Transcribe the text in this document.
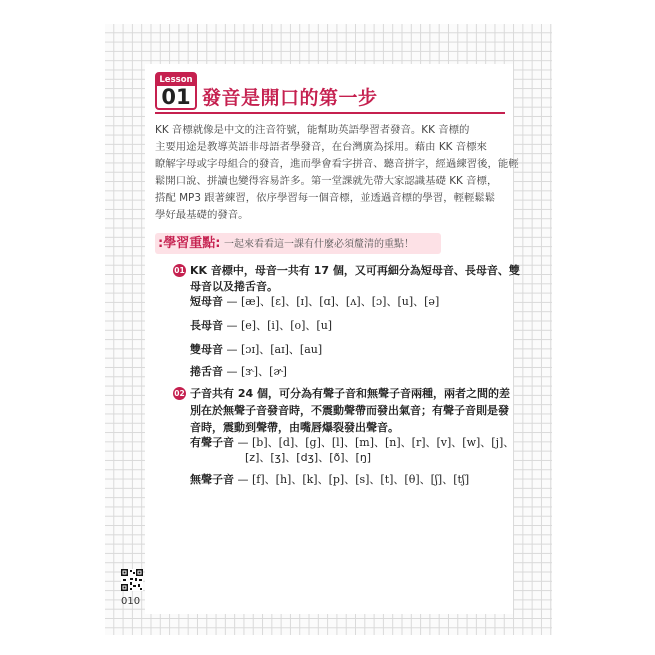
Lesson
01 發音是開口的第一步

KK 音標就像是中文的注音符號，能幫助英語學習者發音。KK 音標的
主要用途是教導英語非母語者學發音，在台灣廣為採用。藉由 KK 音標來
瞭解字母或字母組合的發音，進而學會看字拼音、聽音拼字，經過練習後，能輕
鬆開口說、拼讀也變得容易許多。第一堂課就先帶大家認識基礎 KK 音標，
搭配 MP3 跟著練習，依序學習每一個音標，並透過音標的學習，輕輕鬆鬆
學好最基礎的發音。

:學習重點: 一起來看看這一課有什麼必須釐清的重點！
01 KK 音標中，母音一共有 17 個，又可再細分為短母音、長母音、雙
母音以及捲舌音。
短母音 — [æ]、[ɛ]、[ɪ]、[ɑ]、[ʌ]、[ɔ]、[u]、[ə]
長母音 — [e]、[i]、[o]、[u]
雙母音 — [ɔɪ]、[aɪ]、[au]
捲舌音 — [ɝ]、[ɚ]
02 子音共有 24 個，可分為有聲子音和無聲子音兩種，兩者之間的差
別在於無聲子音發音時，不震動聲帶而發出氣音；有聲子音則是發
音時，震動到聲帶，由嘴唇爆裂發出聲音。
有聲子音 — [b]、[d]、[g]、[l]、[m]、[n]、[r]、[v]、[w]、[j]、
[z]、[ʒ]、[dʒ]、[ð]、[ŋ]
無聲子音 — [f]、[h]、[k]、[p]、[s]、[t]、[θ]、[ʃ]、[tʃ]
010
